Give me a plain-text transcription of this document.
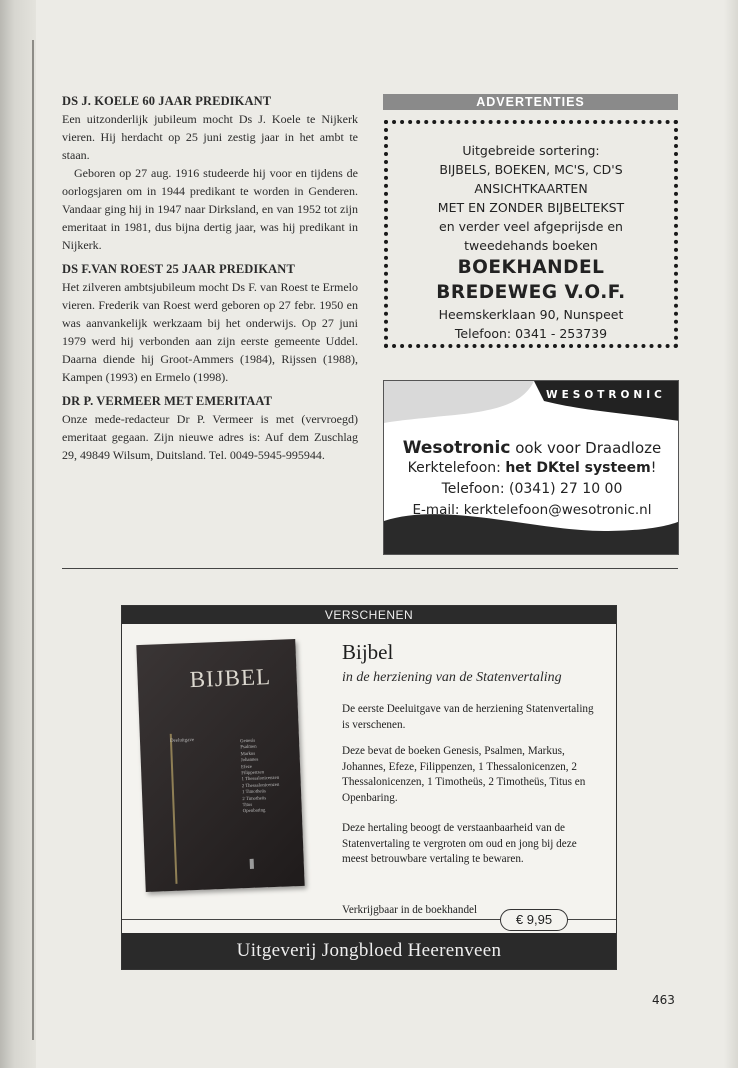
DS J. KOELE 60 JAAR PREDIKANT

Een uitzonderlijk jubileum mocht Ds J. Koele te Nijkerk vieren. Hij herdacht op 25 juni zestig jaar in het ambt te staan.

Geboren op 27 aug. 1916 studeerde hij voor en tijdens de oorlogsjaren om in 1944 predikant te worden in Genderen. Vandaar ging hij in 1947 naar Dirksland, en van 1952 tot zijn emeritaat in 1981, dus bijna dertig jaar, was hij predikant in Nijkerk.

DS F.VAN ROEST 25 JAAR PREDIKANT

Het zilveren ambtsjubileum mocht Ds F. van Roest te Ermelo vieren. Frederik van Roest werd geboren op 27 febr. 1950 en was aanvankelijk werkzaam bij het onderwijs. Op 27 juni 1979 werd hij verbonden aan zijn eerste gemeente Uddel. Daarna diende hij Groot-Ammers (1984), Rijssen (1988), Kampen (1993) en Ermelo (1998).

DR P. VERMEER MET EMERITAAT

Onze mede-redacteur Dr P. Vermeer is met (vervroegd) emeritaat gegaan. Zijn nieuwe adres is: Auf dem Zuschlag 29, 49849 Wilsum, Duitsland. Tel. 0049-5945-995944.

ADVERTENTIES
Uitgebreide sortering:
BIJBELS, BOEKEN, MC'S, CD'S
ANSICHTKAARTEN
MET EN ZONDER BIJBELTEKST
en verder veel afgeprijsde en
tweedehands boeken
BOEKHANDEL
BREDEWEG V.O.F.
Heemskerklaan 90, Nunspeet
Telefoon: 0341 - 253739
WESOTRONIC
Wesotronic ook voor Draadloze
Kerktelefoon: het DKtel systeem!
Telefoon: (0341) 27 10 00
E-mail: kerktelefoon@wesotronic.nl
VERSCHENEN
BIJBEL
Deeluitgave	Genesis
Psalmen
Markus
Johannes
Efeze
Filippenzen
1 Thessalonicenzen
2 Thessalonicenzen
1 Timotheüs
2 Timotheüs
Titus
Openbaring
Bijbel
in de herziening van de Statenvertaling

De eerste Deeluitgave van de herziening Statenvertaling is verschenen.

Deze bevat de boeken Genesis, Psalmen, Markus, Johannes, Efeze, Filippenzen, 1 Thessalonicenzen, 2 Thessalonicenzen, 1 Timotheüs, 2 Timotheüs, Titus en Openbaring.

Deze hertaling beoogt de verstaanbaarheid van de Statenvertaling te vergroten om oud en jong bij deze meest betrouwbare vertaling te bewaren.

Verkrijgbaar in de boekhandel
€ 9,95
Uitgeverij Jongbloed Heerenveen
463
